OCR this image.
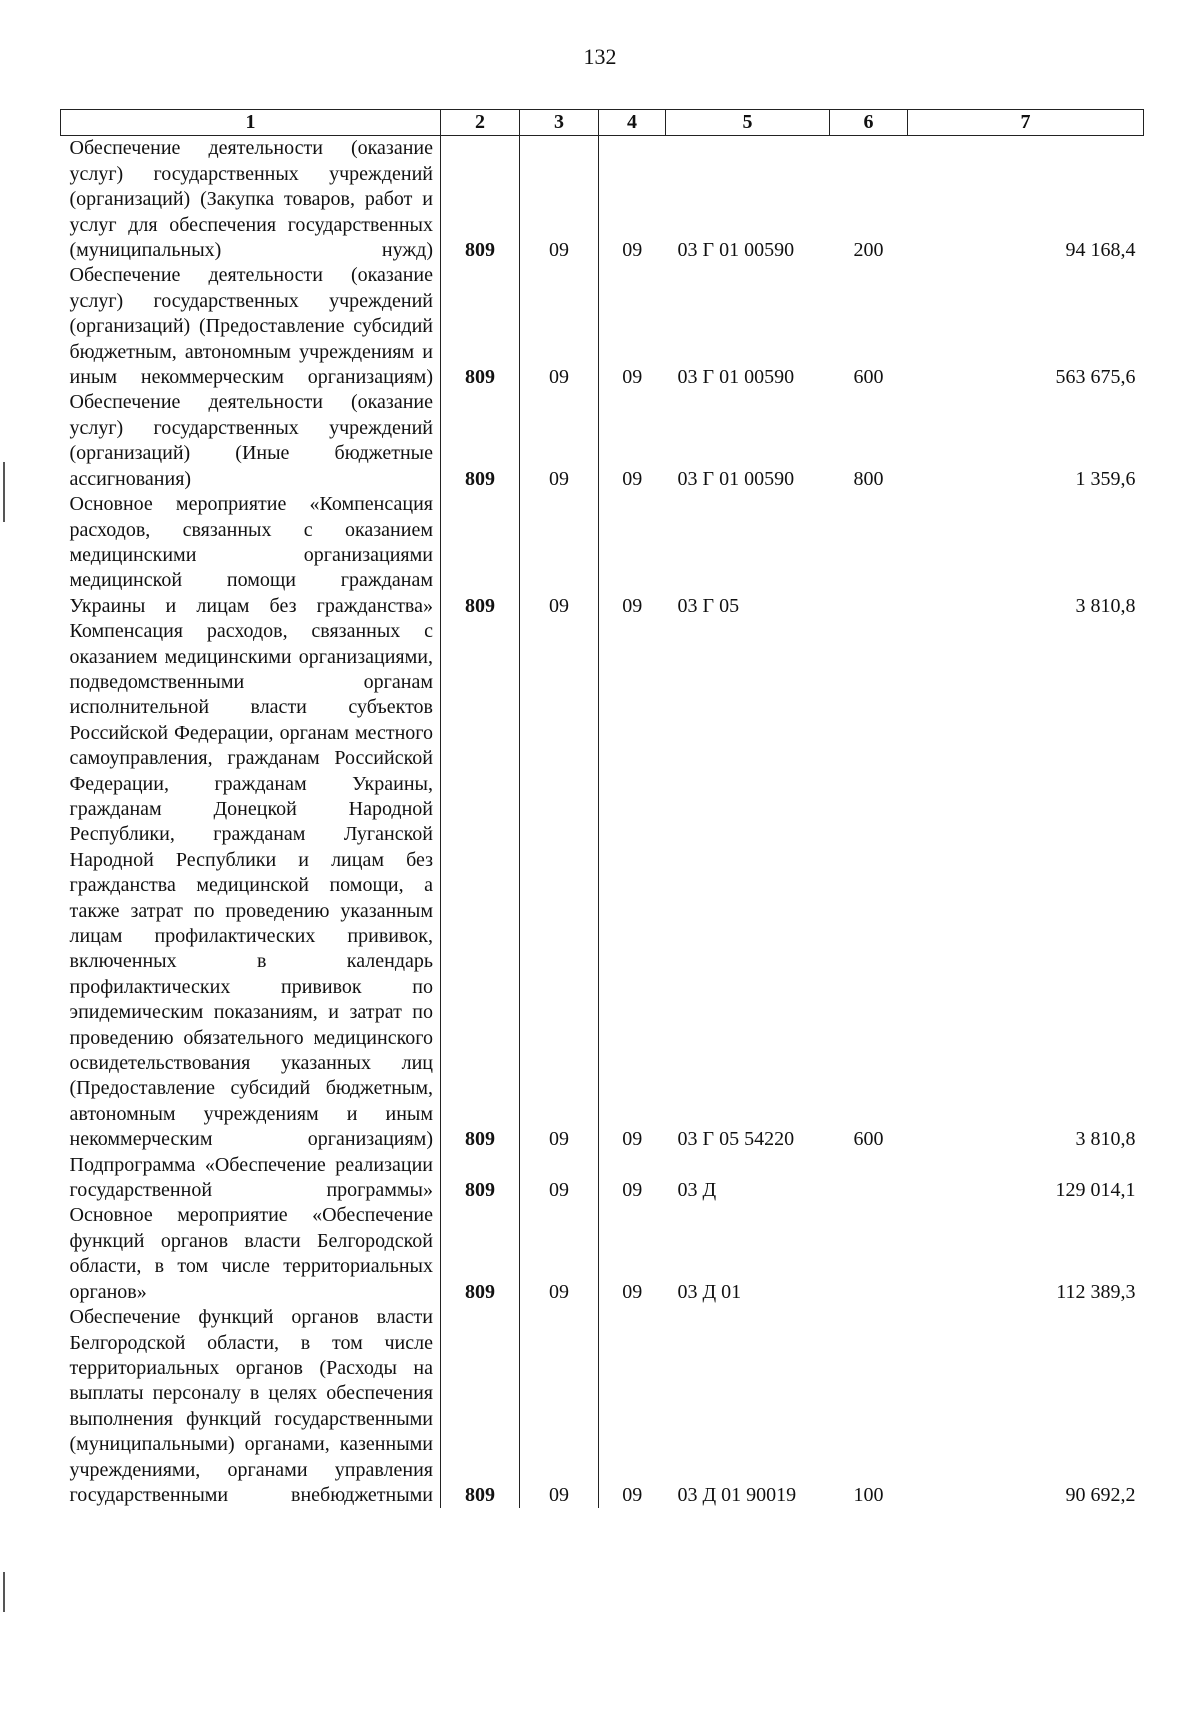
132
1	2	3	4	5	6	7
Обеспечение деятельности (оказание услуг) государственных учреждений (организаций) (Закупка товаров, работ и услуг для обеспечения государственных (муниципальных) нужд)	809	09	09	03 Г 01 00590	200	94 168,4
Обеспечение деятельности (оказание услуг) государственных учреждений (организаций) (Предоставление субсидий бюджетным, автономным учреждениям и иным некоммерческим организациям)	809	09	09	03 Г 01 00590	600	563 675,6
Обеспечение деятельности (оказание услуг) государственных учреждений (организаций) (Иные бюджетные ассигнования)	809	09	09	03 Г 01 00590	800	1 359,6
Основное мероприятие «Компенсация расходов, связанных с оказанием медицинскими организациями медицинской помощи гражданам Украины и лицам без гражданства»	809	09	09	03 Г 05		3 810,8
Компенсация расходов, связанных с оказанием медицинскими организациями, подведомственными органам исполнительной власти субъектов Российской Федерации, органам местного самоуправления, гражданам Российской Федерации, гражданам Украины, гражданам Донецкой Народной Республики, гражданам Луганской Народной Республики и лицам без гражданства медицинской помощи, а также затрат по проведению указанным лицам профилактических прививок, включенных в календарь профилактических прививок по эпидемическим показаниям, и затрат по проведению обязательного медицинского освидетельствования указанных лиц (Предоставление субсидий бюджетным, автономным учреждениям и иным некоммерческим организациям)	809	09	09	03 Г 05 54220	600	3 810,8
Подпрограмма «Обеспечение реализации государственной программы»	809	09	09	03 Д		129 014,1
Основное мероприятие «Обеспечение функций органов власти Белгородской области, в том числе территориальных органов»	809	09	09	03 Д 01		112 389,3
Обеспечение функций органов власти Белгородской области, в том числе территориальных органов (Расходы на выплаты персоналу в целях обеспечения выполнения функций государственными (муниципальными) органами, казенными учреждениями, органами управления государственными внебюджетными	809	09	09	03 Д 01 90019	100	90 692,2
